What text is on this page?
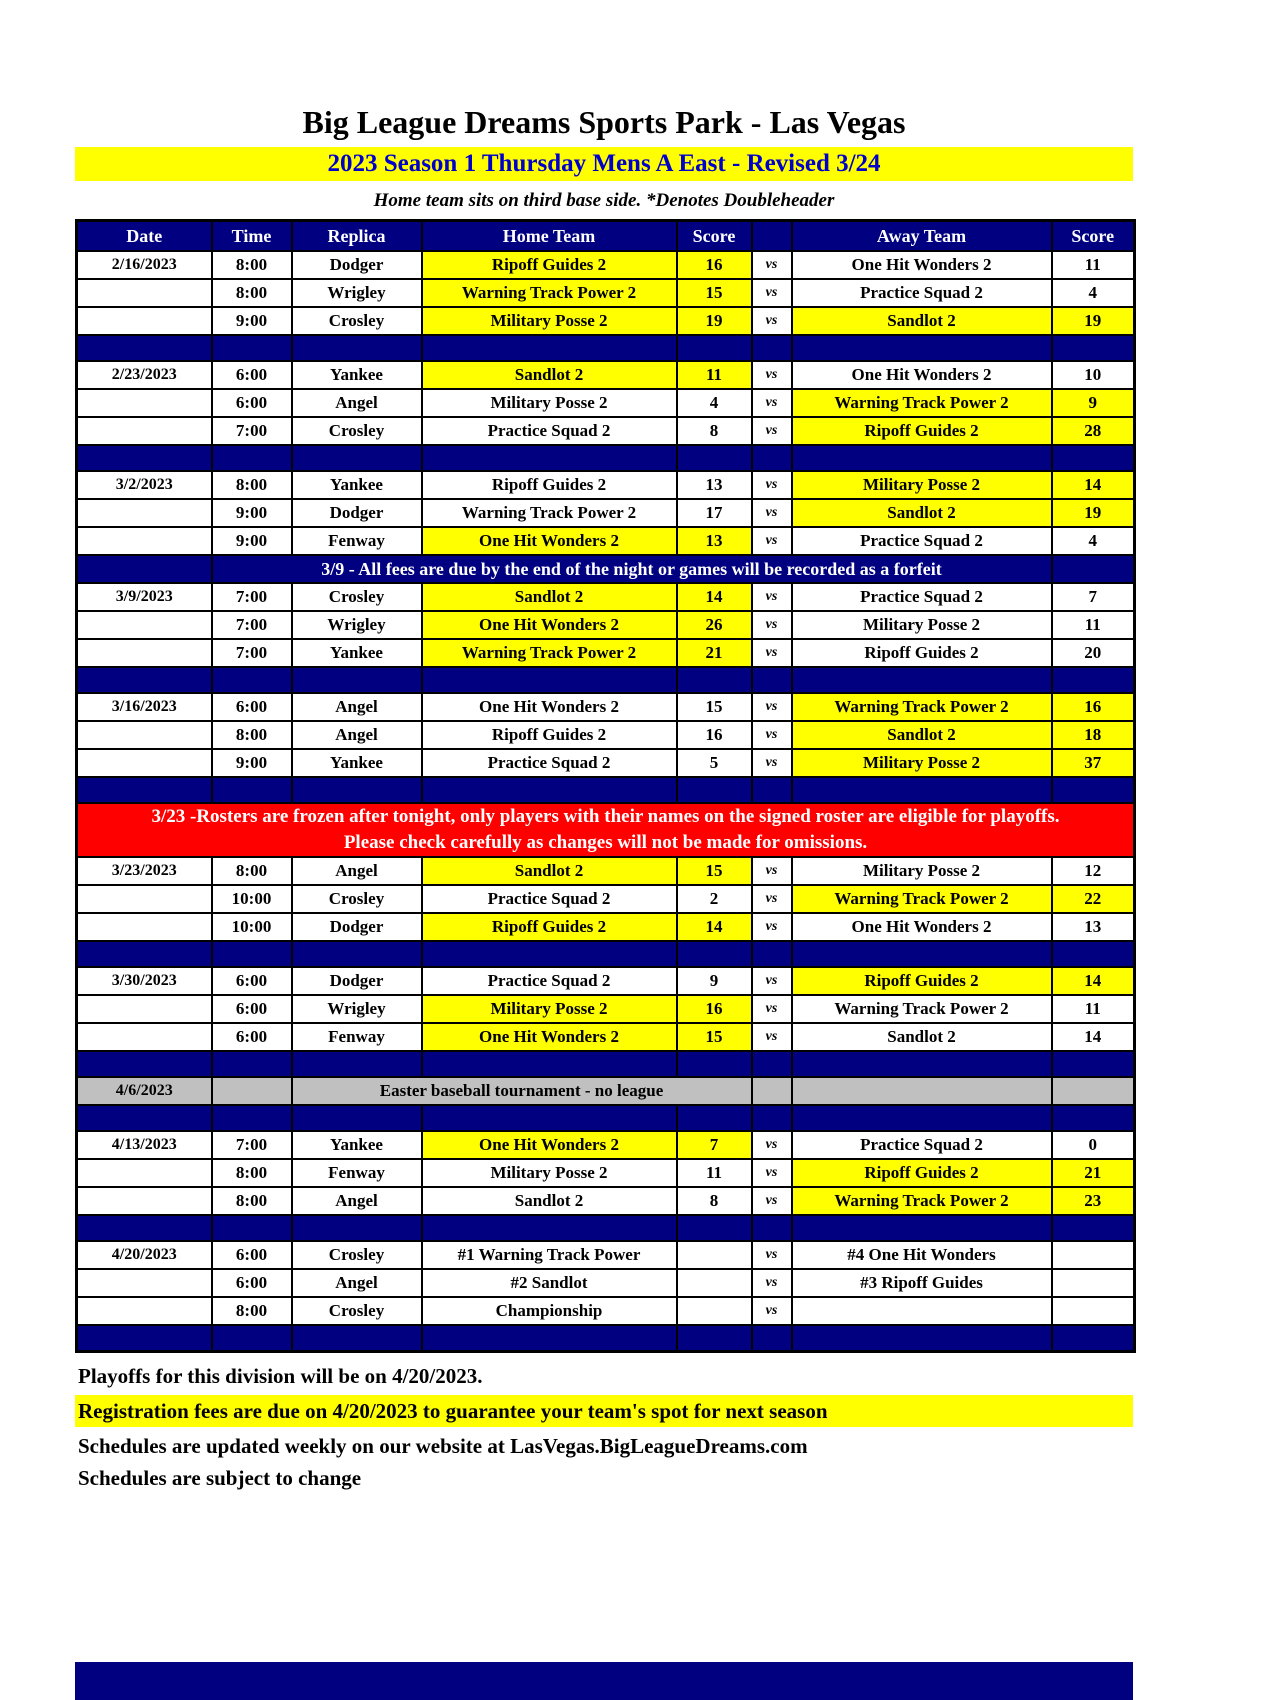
Big League Dreams Sports Park - Las Vegas
2023 Season 1 Thursday Mens A East - Revised 3/24
Home team sits on third base side. *Denotes Doubleheader
Date	Time	Replica	Home Team	Score		Away Team	Score
2/16/2023	8:00	Dodger	Ripoff Guides 2	16	vs	One Hit Wonders 2	11
	8:00	Wrigley	Warning Track Power 2	15	vs	Practice Squad 2	4
	9:00	Crosley	Military Posse 2	19	vs	Sandlot 2	19

2/23/2023	6:00	Yankee	Sandlot 2	11	vs	One Hit Wonders 2	10
	6:00	Angel	Military Posse 2	4	vs	Warning Track Power 2	9
	7:00	Crosley	Practice Squad 2	8	vs	Ripoff Guides 2	28

3/2/2023	8:00	Yankee	Ripoff Guides 2	13	vs	Military Posse 2	14
	9:00	Dodger	Warning Track Power 2	17	vs	Sandlot 2	19
	9:00	Fenway	One Hit Wonders 2	13	vs	Practice Squad 2	4
	3/9 - All fees are due by the end of the night or games will be recorded as a forfeit						
3/9/2023	7:00	Crosley	Sandlot 2	14	vs	Practice Squad 2	7
	7:00	Wrigley	One Hit Wonders 2	26	vs	Military Posse 2	11
	7:00	Yankee	Warning Track Power 2	21	vs	Ripoff Guides 2	20

3/16/2023	6:00	Angel	One Hit Wonders 2	15	vs	Warning Track Power 2	16
	8:00	Angel	Ripoff Guides 2	16	vs	Sandlot 2	18
	9:00	Yankee	Practice Squad 2	5	vs	Military Posse 2	37

3/23 -Rosters are frozen after tonight, only players with their names on the signed roster are eligible for playoffs.
Please check carefully as changes will not be made for omissions.							

3/23/2023	8:00	Angel	Sandlot 2	15	vs	Military Posse 2	12
	10:00	Crosley	Practice Squad 2	2	vs	Warning Track Power 2	22
	10:00	Dodger	Ripoff Guides 2	14	vs	One Hit Wonders 2	13

3/30/2023	6:00	Dodger	Practice Squad 2	9	vs	Ripoff Guides 2	14
	6:00	Wrigley	Military Posse 2	16	vs	Warning Track Power 2	11
	6:00	Fenway	One Hit Wonders 2	15	vs	Sandlot 2	14

4/6/2023		Easter baseball tournament - no league					

4/13/2023	7:00	Yankee	One Hit Wonders 2	7	vs	Practice Squad 2	0
	8:00	Fenway	Military Posse 2	11	vs	Ripoff Guides 2	21
	8:00	Angel	Sandlot 2	8	vs	Warning Track Power 2	23

4/20/2023	6:00	Crosley	#1 Warning Track Power		vs	#4 One Hit Wonders	
	6:00	Angel	#2 Sandlot		vs	#3 Ripoff Guides	
	8:00	Crosley	Championship		vs		

Playoffs for this division will be on 4/20/2023.
Registration fees are due on 4/20/2023 to guarantee your team's spot for next season
Schedules are updated weekly on our website at LasVegas.BigLeagueDreams.com
Schedules are subject to change
